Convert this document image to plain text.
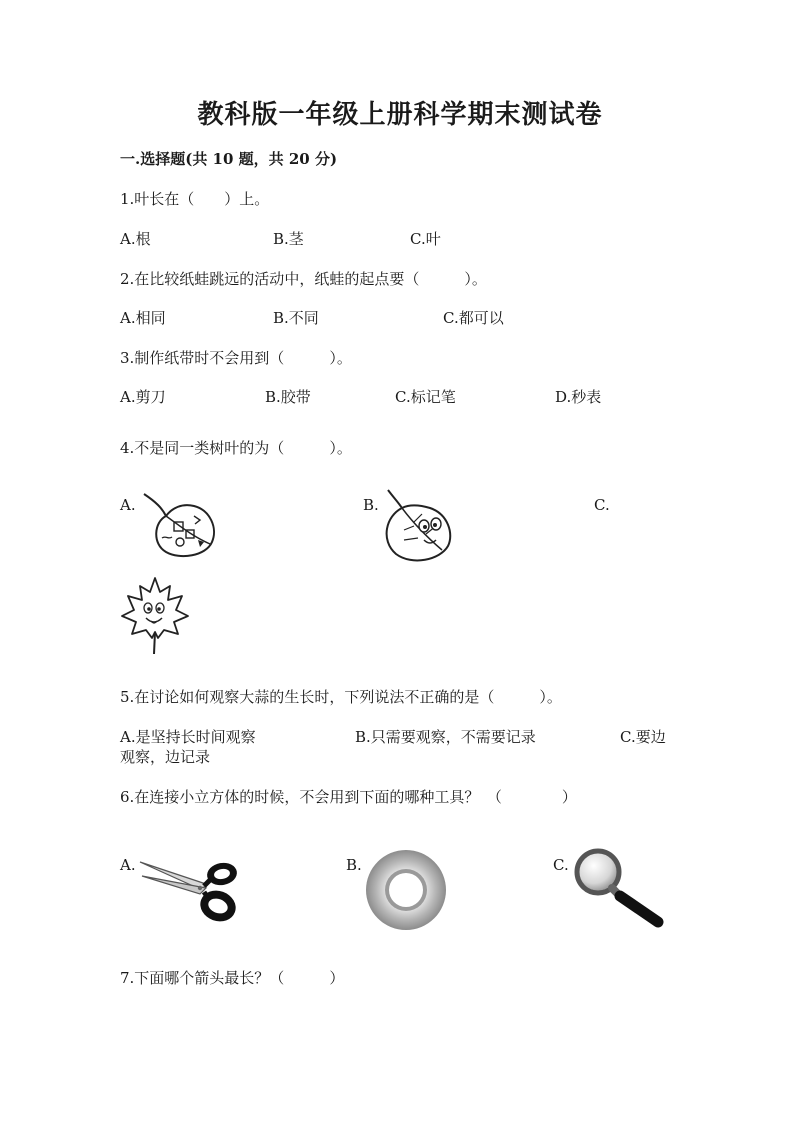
教科版一年级上册科学期末测试卷
一.选择题(共 10 题，共 20 分)
1.叶长在（　　）上。
A.根	B.茎	C.叶
2.在比较纸蛙跳远的活动中，纸蛙的起点要（　　　）。
A.相同	B.不同	C.都可以
3.制作纸带时不会用到（　　　）。
A.剪刀	B.胶带	C.标记笔	D.秒表
4.不是同一类树叶的为（　　　）。
A.	B.	C.
5.在讨论如何观察大蒜的生长时，下列说法不正确的是（　　　）。
A.是坚持长时间观察	B.只需要观察，不需要记录	C.要边
观察，边记录
6.在连接小立方体的时候，不会用到下面的哪种工具？　（　　　　）
A.	B.	C.
7.下面哪个箭头最长？（　　　）
